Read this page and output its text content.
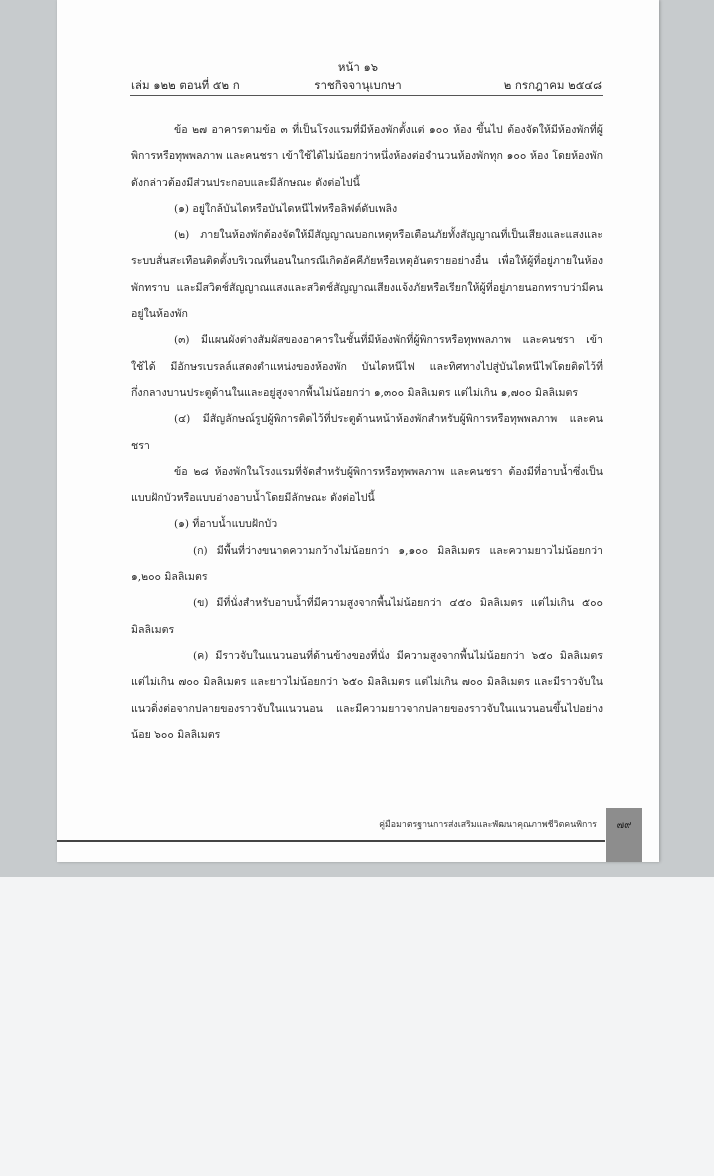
หน้า ๑๖
เล่ม ๑๒๒ ตอนที่ ๕๒ ก	ราชกิจจานุเบกษา	๒ กรกฎาคม ๒๕๔๘

ข้อ ๒๗ อาคารตามข้อ ๓ ที่เป็นโรงแรมที่มีห้องพักตั้งแต่ ๑๐๐ ห้อง ขึ้นไป ต้องจัดให้มีห้องพักที่ผู้พิการหรือทุพพลภาพ และคนชรา เข้าใช้ได้ไม่น้อยกว่าหนึ่งห้องต่อจำนวนห้องพักทุก ๑๐๐ ห้อง โดยห้องพักดังกล่าวต้องมีส่วนประกอบและมีลักษณะ ดังต่อไปนี้

(๑) อยู่ใกล้บันไดหรือบันไดหนีไฟหรือลิฟต์ดับเพลิง

(๒) ภายในห้องพักต้องจัดให้มีสัญญาณบอกเหตุหรือเตือนภัยทั้งสัญญาณที่เป็นเสียงและแสงและระบบสั่นสะเทือนติดตั้งบริเวณที่นอนในกรณีเกิดอัคคีภัยหรือเหตุอันตรายอย่างอื่น เพื่อให้ผู้ที่อยู่ภายในห้องพักทราบ และมีสวิตช์สัญญาณแสงและสวิตช์สัญญาณเสียงแจ้งภัยหรือเรียกให้ผู้ที่อยู่ภายนอกทราบว่ามีคนอยู่ในห้องพัก

(๓) มีแผนผังต่างสัมผัสของอาคารในชั้นที่มีห้องพักที่ผู้พิการหรือทุพพลภาพ และคนชรา เข้าใช้ได้ มีอักษรเบรลล์แสดงตำแหน่งของห้องพัก บันไดหนีไฟ และทิศทางไปสู่บันไดหนีไฟโดยติดไว้ที่กึ่งกลางบานประตูด้านในและอยู่สูงจากพื้นไม่น้อยกว่า ๑,๓๐๐ มิลลิเมตร แต่ไม่เกิน ๑,๗๐๐ มิลลิเมตร

(๔) มีสัญลักษณ์รูปผู้พิการติดไว้ที่ประตูด้านหน้าห้องพักสำหรับผู้พิการหรือทุพพลภาพ และคนชรา

ข้อ ๒๘ ห้องพักในโรงแรมที่จัดสำหรับผู้พิการหรือทุพพลภาพ และคนชรา ต้องมีที่อาบน้ำซึ่งเป็นแบบฝักบัวหรือแบบอ่างอาบน้ำโดยมีลักษณะ ดังต่อไปนี้

(๑) ที่อาบน้ำแบบฝักบัว

(ก) มีพื้นที่ว่างขนาดความกว้างไม่น้อยกว่า ๑,๑๐๐ มิลลิเมตร และความยาวไม่น้อยกว่า ๑,๒๐๐ มิลลิเมตร

(ข) มีที่นั่งสำหรับอาบน้ำที่มีความสูงจากพื้นไม่น้อยกว่า ๔๕๐ มิลลิเมตร แต่ไม่เกิน ๕๐๐ มิลลิเมตร

(ค) มีราวจับในแนวนอนที่ด้านข้างของที่นั่ง มีความสูงจากพื้นไม่น้อยกว่า ๖๕๐ มิลลิเมตร แต่ไม่เกิน ๗๐๐ มิลลิเมตร และยาวไม่น้อยกว่า ๖๕๐ มิลลิเมตร แต่ไม่เกิน ๗๐๐ มิลลิเมตร และมีราวจับในแนวดิ่งต่อจากปลายของราวจับในแนวนอน และมีความยาวจากปลายของราวจับในแนวนอนขึ้นไปอย่างน้อย ๖๐๐ มิลลิเมตร

คู่มือมาตรฐานการส่งเสริมและพัฒนาคุณภาพชีวิตคนพิการ	๗๙
